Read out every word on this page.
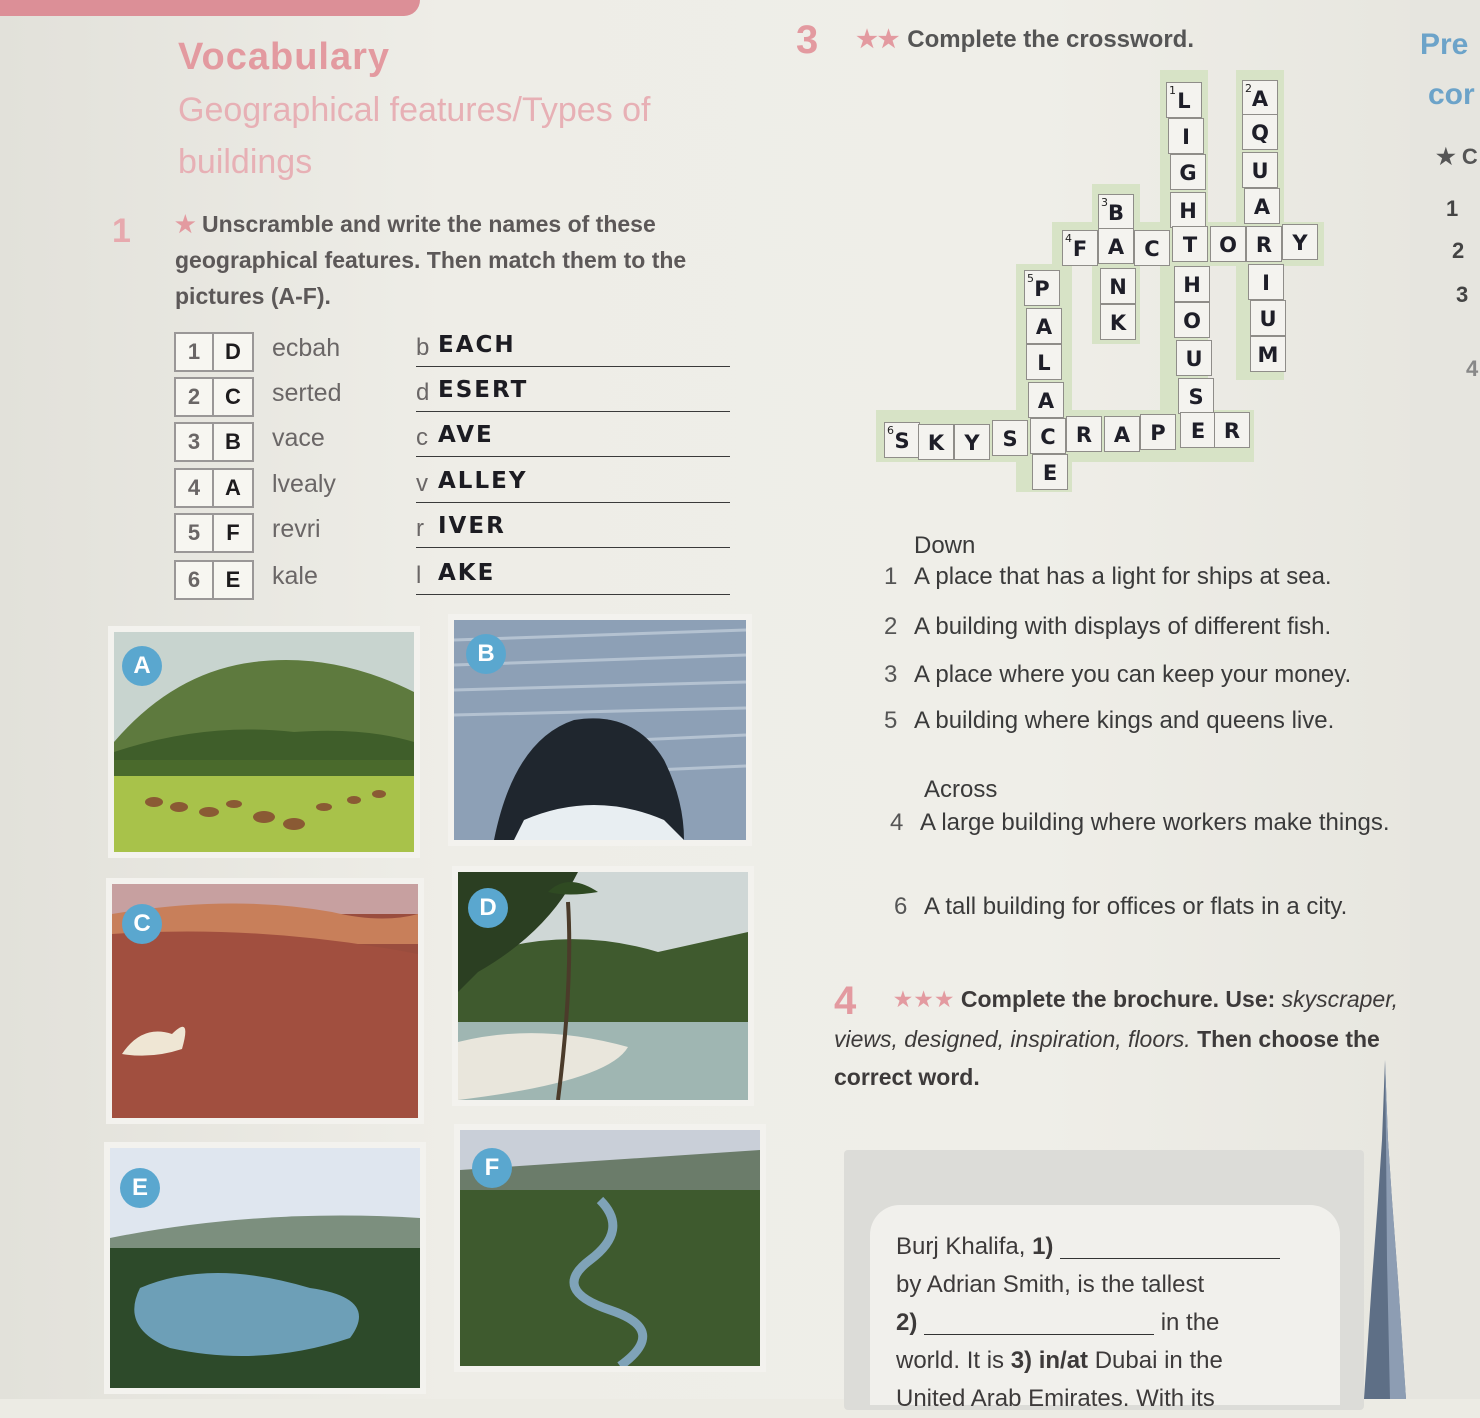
Vocabulary
Geographical features/Types of buildings
1 ★ Unscramble and write the names of these geographical features. Then match them to the pictures (A-F).
1	D	ecbah	b EACH
2	C	serted	d ESERT
3	B	vace	c AVE
4	A	lvealy	v ALLEY
5	F	revri	r IVER
6	E	kale	l AKE
A	B
C
D
E
F
3 ★★ Complete the crossword.
L
1
I
G
H
T
H
O
U
S
E
A
2
Q
U
A
R
I
U
M
B
3
A
N
K
F
4	C	O	Y
P
5
A
L
A
C
E
S
6
K Y	S	R	A P	R
Down
1 A place that has a light for ships at sea.
2 A building with displays of different fish.
3 A place where you can keep your money.
5 A building where kings and queens live.
Across
4 A large building where workers make things.
6 A tall building for offices or flats in a city.
4 ★★★ Complete the brochure. Use: skyscraper, views, designed, inspiration, floors. Then choose the correct word.
Burj Khalifa, 1)
by Adrian Smith, is the tallest
2)	in the
world. It is 3) in/at Dubai in the
United Arab Emirates. With its
Pre
cor
★ C
1
2
3
4
